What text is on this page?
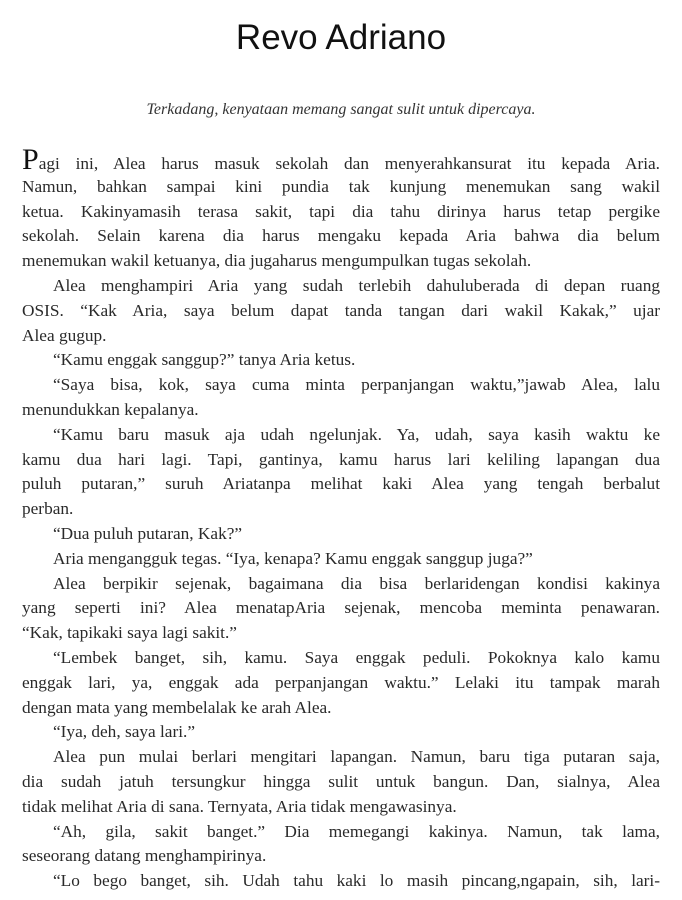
Revo Adriano
Terkadang, kenyataan memang sangat sulit untuk dipercaya.
Pagi ini, Alea harus masuk sekolah dan menyerahkansurat itu kepada Aria.
Namun, bahkan sampai kini pundia tak kunjung menemukan sang wakil
ketua. Kakinyamasih terasa sakit, tapi dia tahu dirinya harus tetap pergike
sekolah. Selain karena dia harus mengaku kepada Aria bahwa dia belum
menemukan wakil ketuanya, dia jugaharus mengumpulkan tugas sekolah.
Alea menghampiri Aria yang sudah terlebih dahuluberada di depan ruang
OSIS. “Kak Aria, saya belum dapat tanda tangan dari wakil Kakak,” ujar
Alea gugup.
“Kamu enggak sanggup?” tanya Aria ketus.
“Saya bisa, kok, saya cuma minta perpanjangan waktu,”jawab Alea, lalu
menundukkan kepalanya.
“Kamu baru masuk aja udah ngelunjak. Ya, udah, saya kasih waktu ke
kamu dua hari lagi. Tapi, gantinya, kamu harus lari keliling lapangan dua
puluh putaran,” suruh Ariatanpa melihat kaki Alea yang tengah berbalut
perban.
“Dua puluh putaran, Kak?”
Aria mengangguk tegas. “Iya, kenapa? Kamu enggak sanggup juga?”
Alea berpikir sejenak, bagaimana dia bisa berlaridengan kondisi kakinya
yang seperti ini? Alea menatapAria sejenak, mencoba meminta penawaran.
“Kak, tapikaki saya lagi sakit.”
“Lembek banget, sih, kamu. Saya enggak peduli. Pokoknya kalo kamu
enggak lari, ya, enggak ada perpanjangan waktu.” Lelaki itu tampak marah
dengan mata yang membelalak ke arah Alea.
“Iya, deh, saya lari.”
Alea pun mulai berlari mengitari lapangan. Namun, baru tiga putaran saja,
dia sudah jatuh tersungkur hingga sulit untuk bangun. Dan, sialnya, Alea
tidak melihat Aria di sana. Ternyata, Aria tidak mengawasinya.
“Ah, gila, sakit banget.” Dia memegangi kakinya. Namun, tak lama,
seseorang datang menghampirinya.
“Lo bego banget, sih. Udah tahu kaki lo masih pincang,ngapain, sih, lari-
